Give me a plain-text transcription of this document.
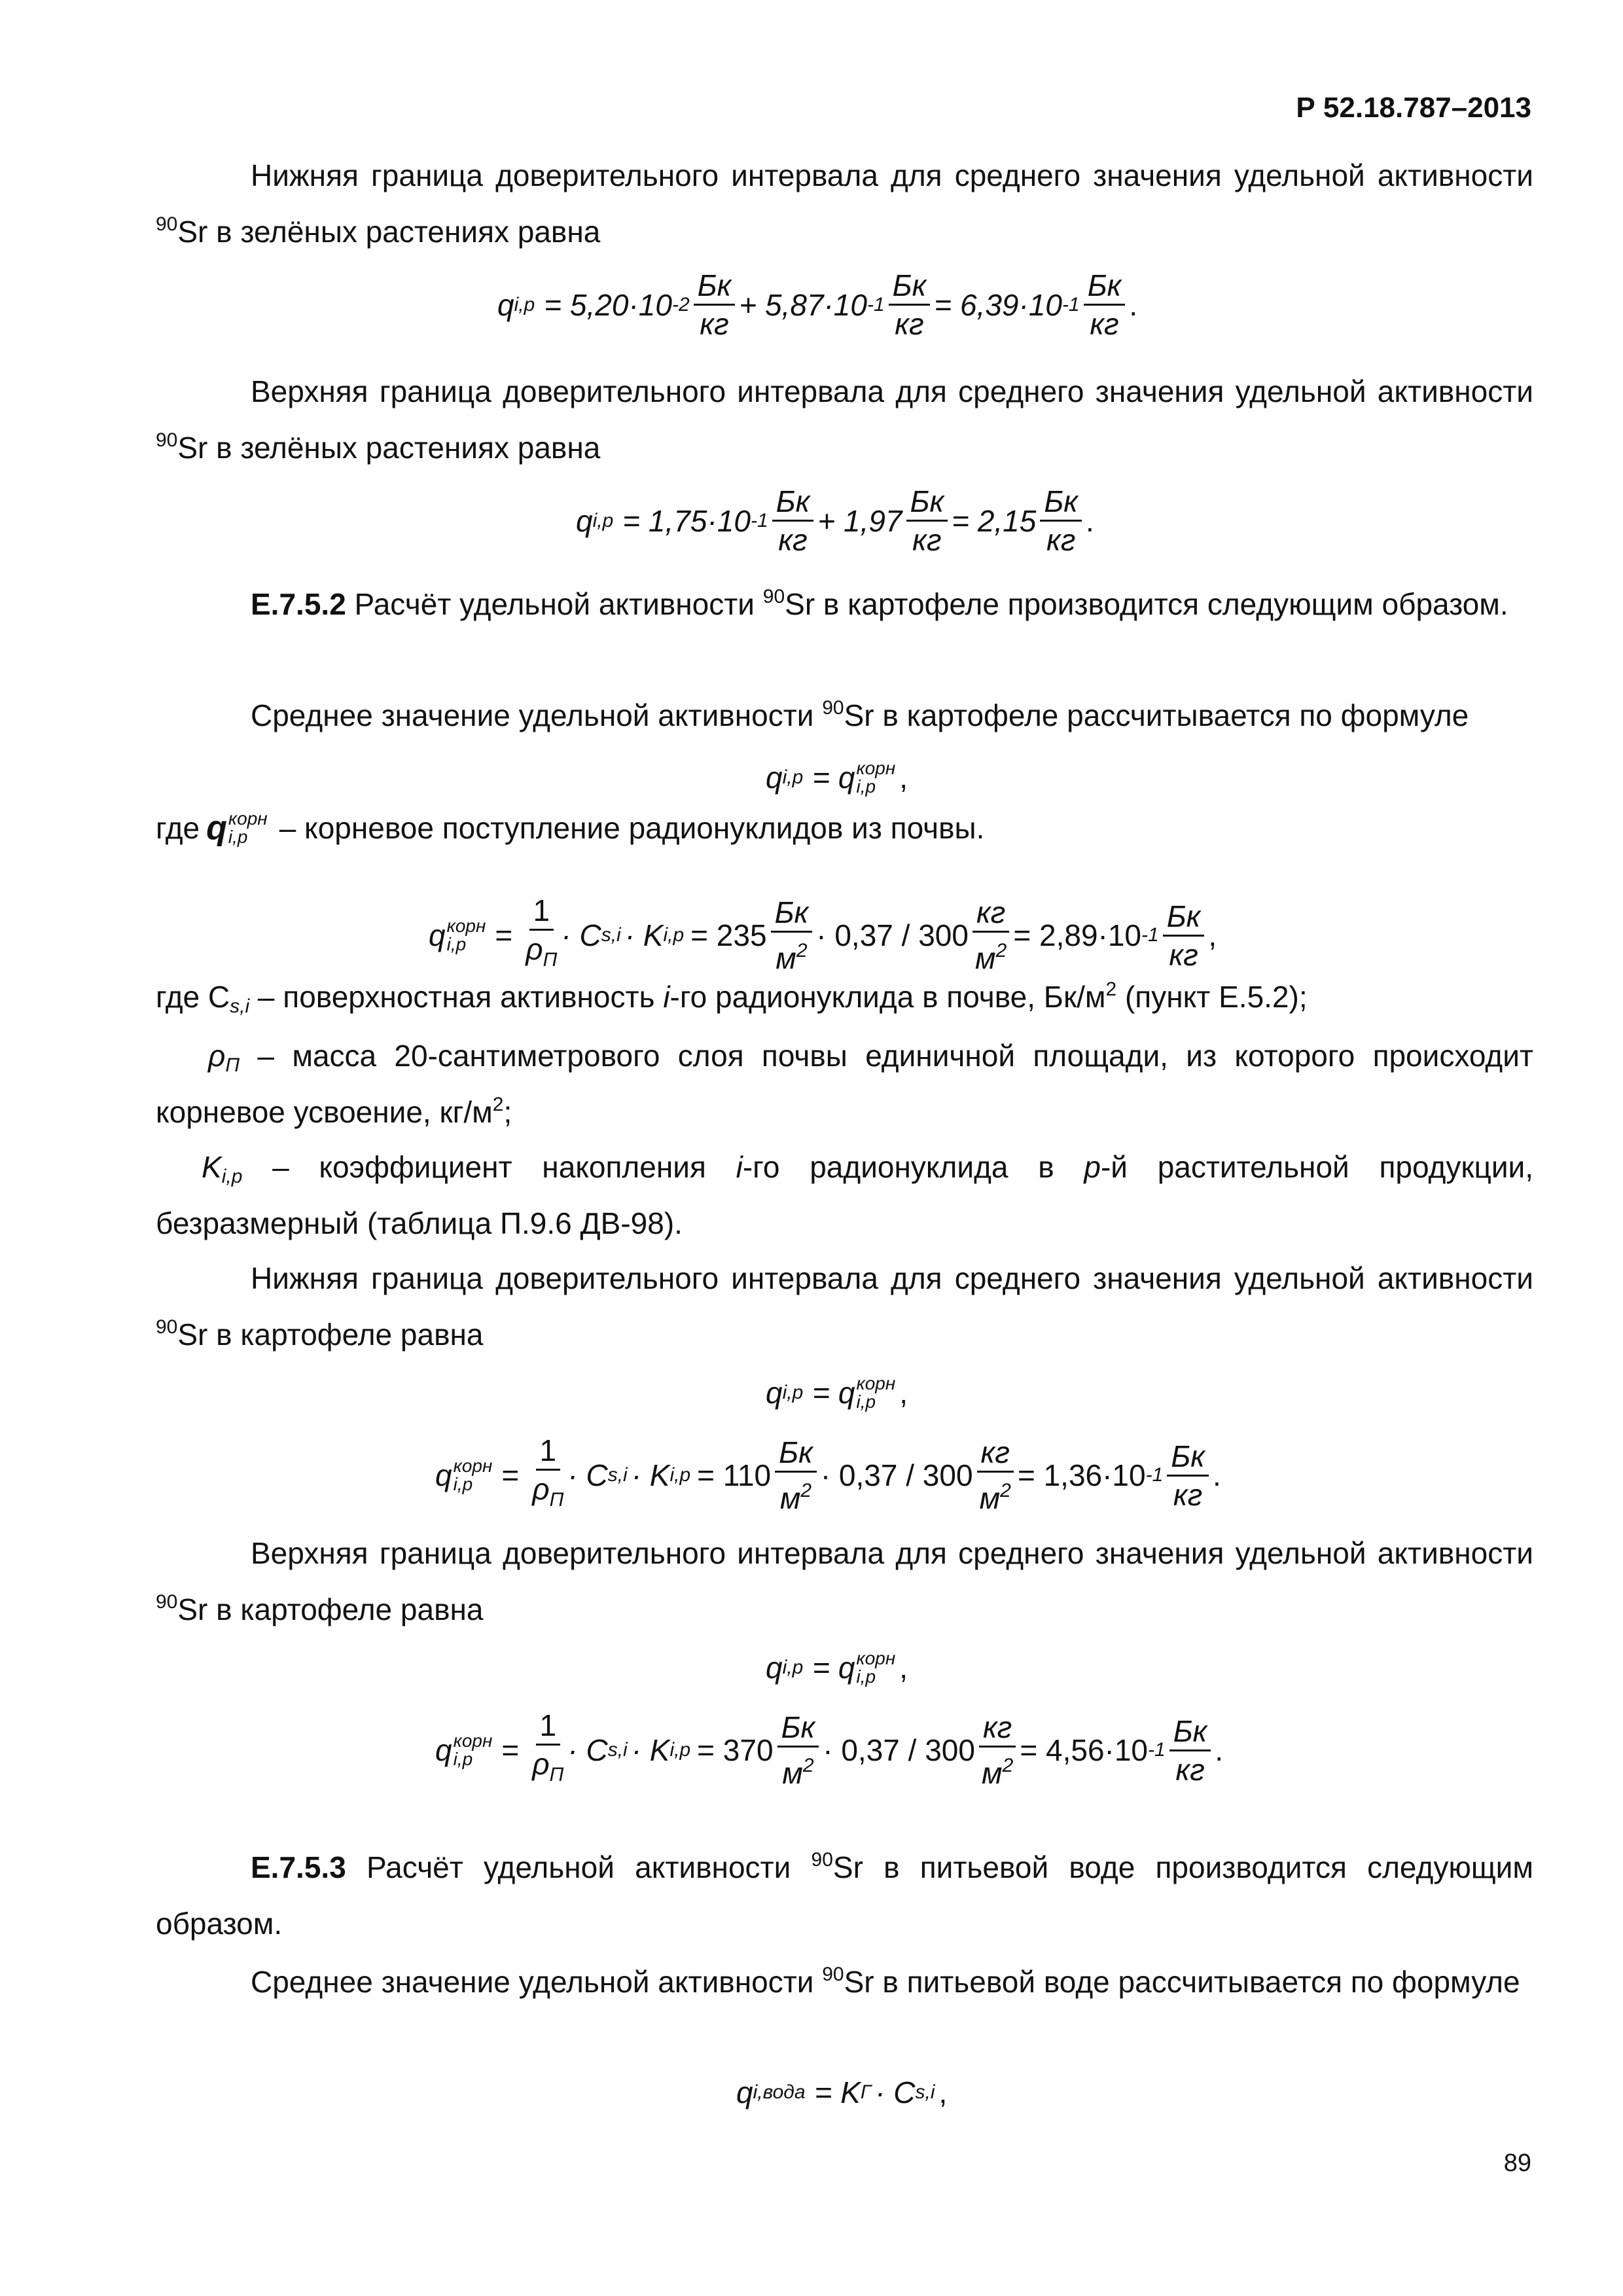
Р 52.18.787–2013

Нижняя граница доверительного интервала для среднего значения удельной активности $^{90}$Sr в зелёных растениях равна

q i,p = 5,20·10 $-2 \frac{Бк}{кг} + 5,87\cdot 10$ $-1 \frac{Бк}{кг} = 6,39\cdot 10$ $-1 \frac{Бк}{кг}$ .

Верхняя граница доверительного интервала для среднего значения удельной активности $^{90}$Sr в зелёных растениях равна

q i,p = 1,75·10 $-1 \frac{Бк}{кг} + 1,97 \frac{Бк}{кг} = 2,15 \frac{Бк}{кг}$ .

Е.7.5.2 Расчёт удельной активности $^{90}$Sr в картофеле производится следующим образом.

Среднее значение удельной активности $^{90}$Sr в картофеле рассчитывается по формуле

q i,p = q корн
i,p ,
где q корн
i,p	– корневое поступление радионуклидов из почвы.
q корн
$i,p = \frac{1}{\rho_П} \cdot C$ s,i · K $i,p = 235 \frac{Бк}{м^2} \cdot 0,37 / 300 \frac{кг}{м^2} = 2,89\cdot 10$ $-1 \frac{Бк}{кг}$ ,
где $C_{s,i}$ – поверхностная активность i-го радионуклида в почве, $Бк/м^2$ (пункт Е.5.2);

$\rho_П$ – масса 20-сантиметрового слоя почвы единичной площади, из которого происходит корневое усвоение, $кг/м^2$;

$K_{i,p}$ – коэффициент накопления i-го радионуклида в р-й растительной продукции, безразмерный (таблица П.9.6 ДВ-98).

Нижняя граница доверительного интервала для среднего значения удельной активности $^{90}$Sr в картофеле равна

q i,p = q корн
i,p ,
q корн
$i,p = \frac{1}{\rho_П} \cdot C$ s,i · K $i,p = 110 \frac{Бк}{м^2} \cdot 0,37 / 300 \frac{кг}{м^2} = 1,36\cdot 10$ $-1 \frac{Бк}{кг}$ .

Верхняя граница доверительного интервала для среднего значения удельной активности $^{90}$Sr в картофеле равна

q i,p = q корн
i,p ,
q корн
$i,p = \frac{1}{\rho_П} \cdot C$ s,i · K $i,p = 370 \frac{Бк}{м^2} \cdot 0,37 / 300 \frac{кг}{м^2} = 4,56\cdot 10$ $-1 \frac{Бк}{кг}$ .

Е.7.5.3 Расчёт удельной активности $^{90}$Sr в питьевой воде производится следующим образом.

Среднее значение удельной активности $^{90}$Sr в питьевой воде рассчитывается по формуле

q i,вода = K Г · C s,i ,
89
